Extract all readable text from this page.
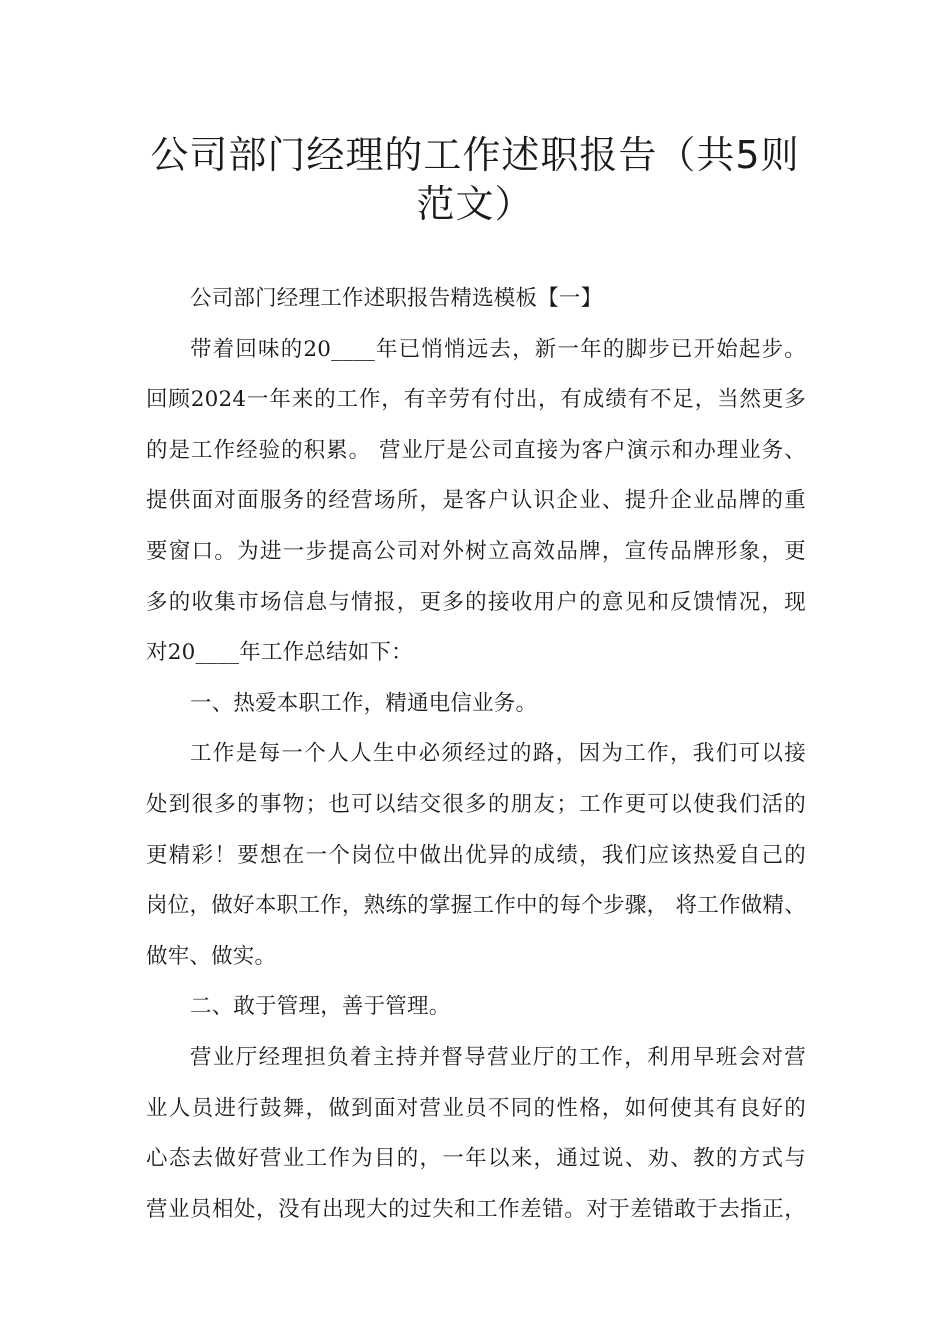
公司部门经理的工作述职报告（共5则
范文）
公司部门经理工作述职报告精选模板【一】
带着回味的20____年已悄悄远去，新一年的脚步已开始起步。
回顾2024一年来的工作，有辛劳有付出，有成绩有不足，当然更多
的是工作经验的积累。 营业厅是公司直接为客户演示和办理业务、
提供面对面服务的经营场所，是客户认识企业、提升企业品牌的重
要窗口。为进一步提高公司对外树立高效品牌，宣传品牌形象，更
多的收集市场信息与情报，更多的接收用户的意见和反馈情况，现
对20____年工作总结如下：
一、热爱本职工作，精通电信业务。
工作是每一个人人生中必须经过的路，因为工作，我们可以接
处到很多的事物；也可以结交很多的朋友；工作更可以使我们活的
更精彩！要想在一个岗位中做出优异的成绩，我们应该热爱自己的
岗位，做好本职工作，熟练的掌握工作中的每个步骤， 将工作做精、
做牢、做实。
二、敢于管理，善于管理。
营业厅经理担负着主持并督导营业厅的工作，利用早班会对营
业人员进行鼓舞，做到面对营业员不同的性格，如何使其有良好的
心态去做好营业工作为目的，一年以来，通过说、劝、教的方式与
营业员相处，没有出现大的过失和工作差错。对于差错敢于去指正，
